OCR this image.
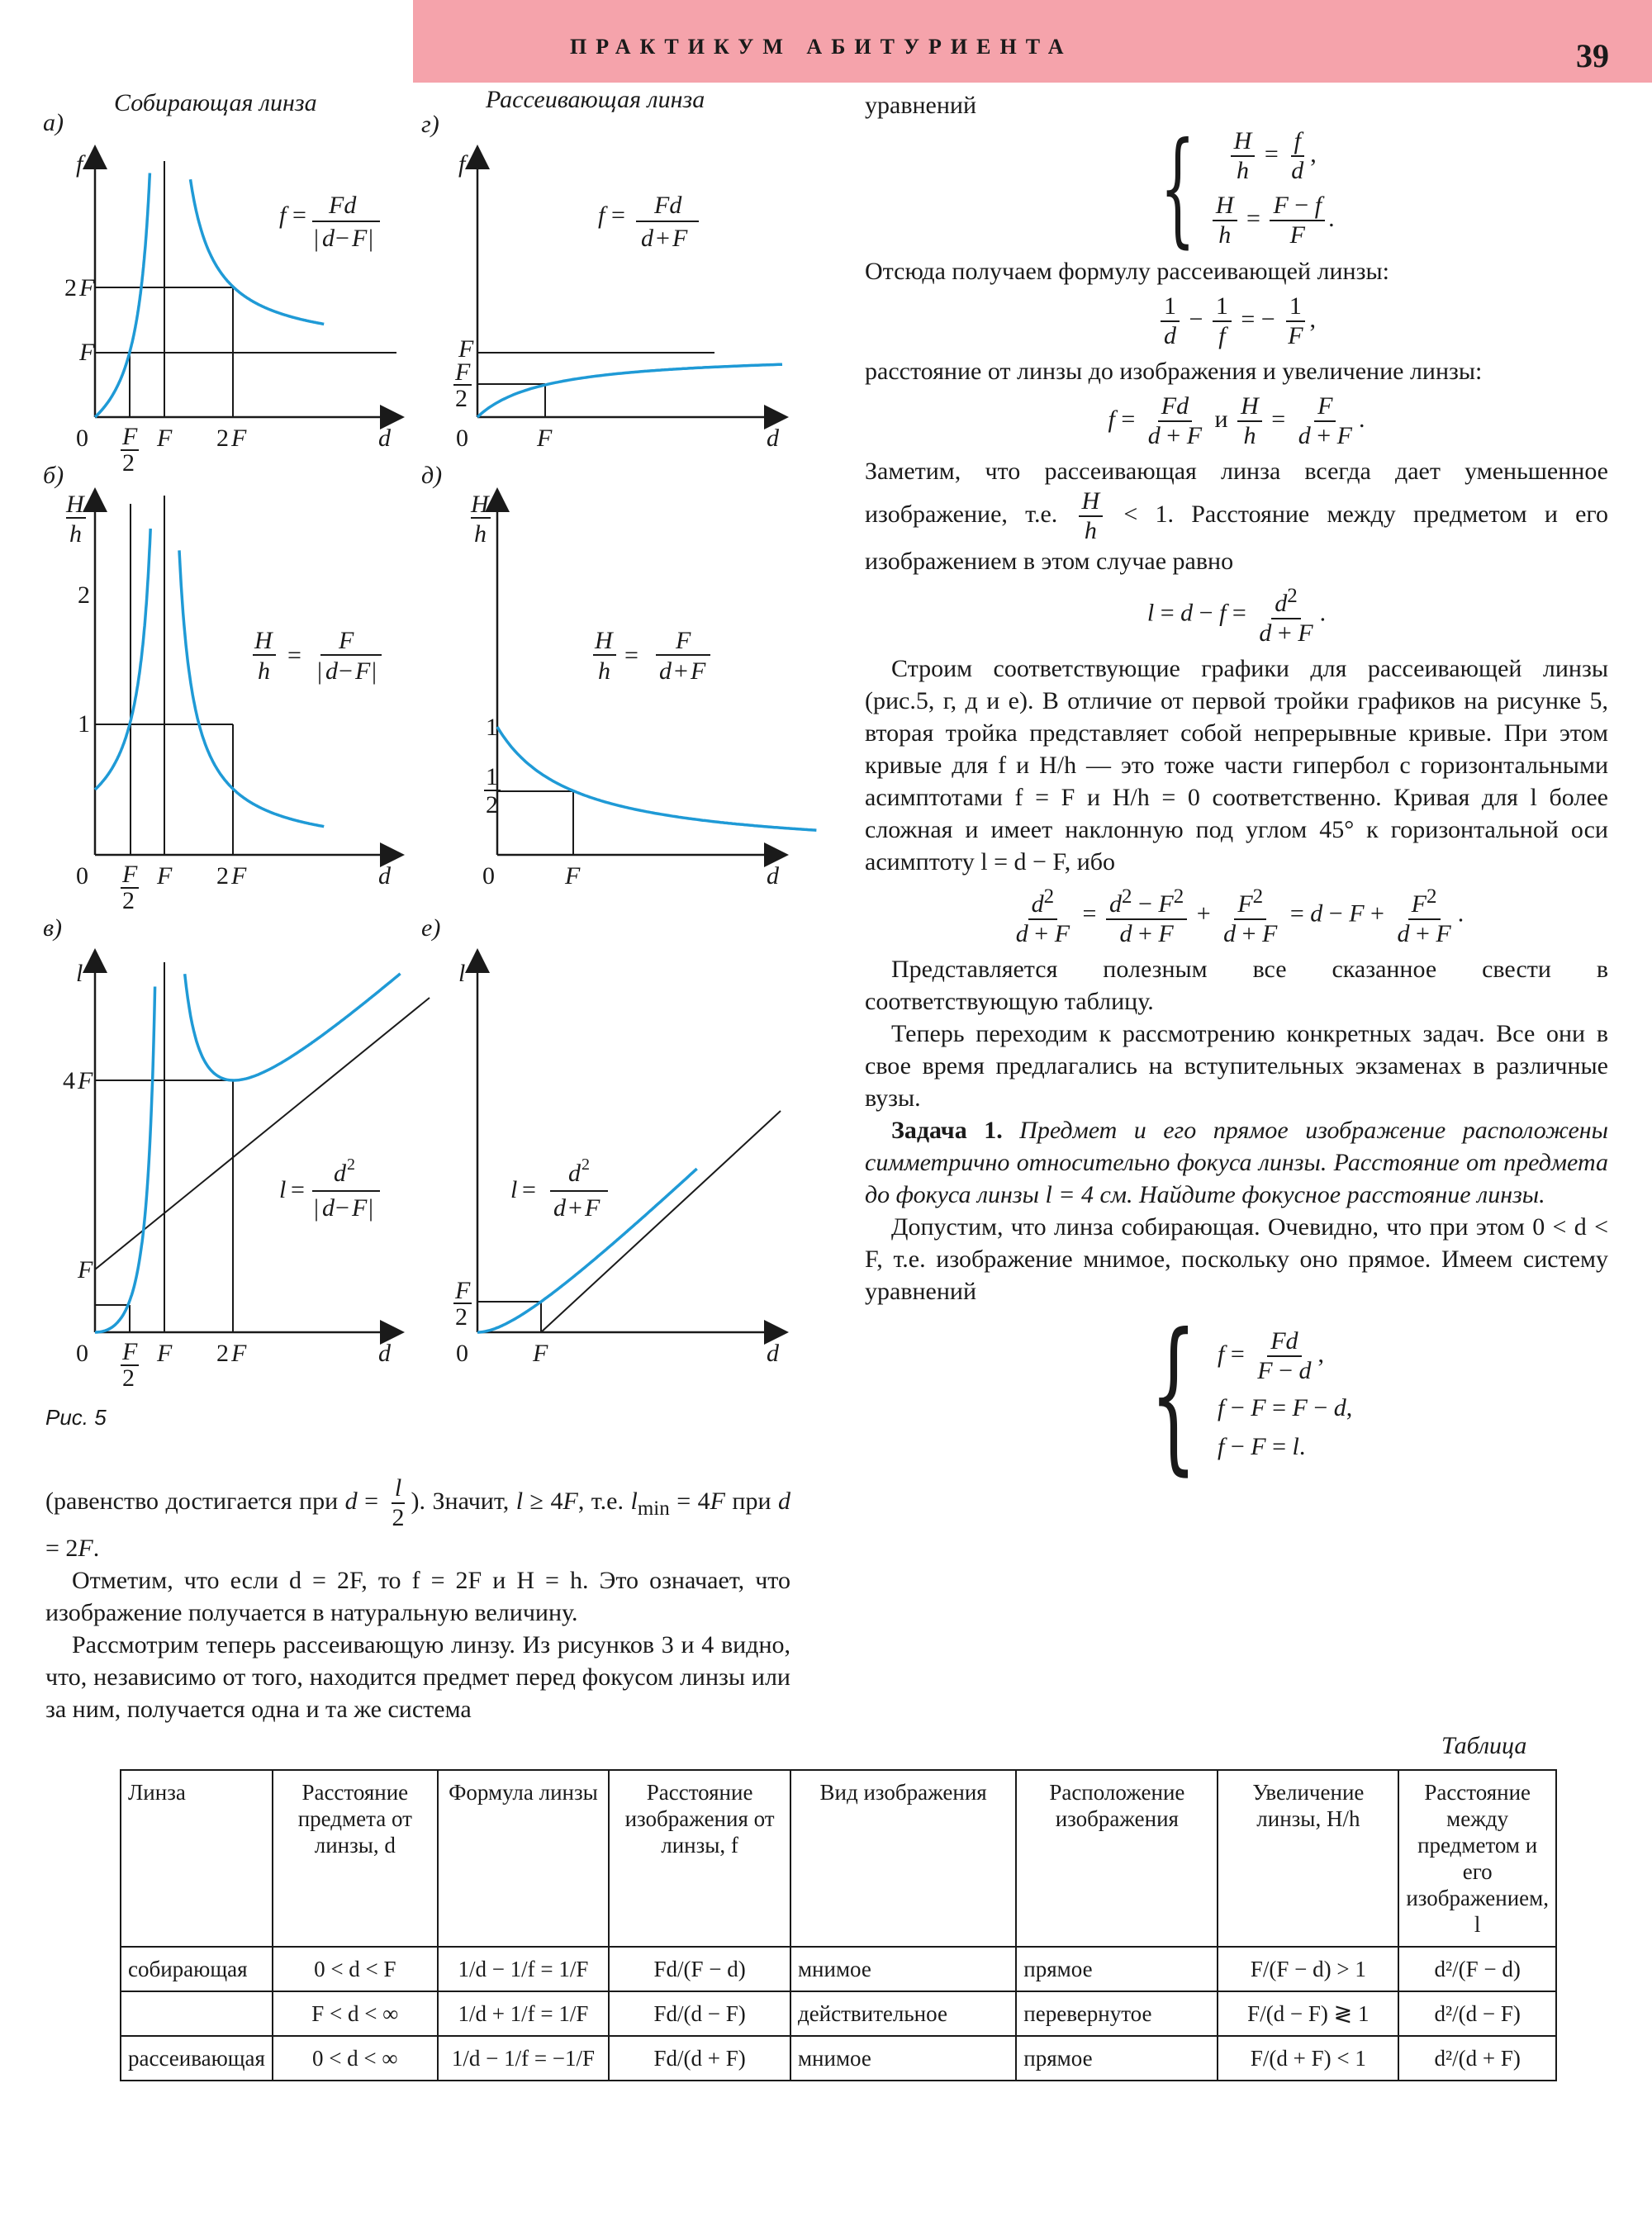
ПРАКТИКУМ АБИТУРИЕНТА	39
Собирающая линза	Рассеивающая линза
а)
f
d
2 F
F
0 F
2
F 2 F
f = Fd
| d − F |
б)
H
h
2
1
0 F
2
F 2 F
H
h
=
F
| d − F |
в)
l
4 F
F
0 F
2
F 2 F
l =
d 2
| d − F |
г)
f
d
F
F
2
0	F
f = Fd
d + F
д)
H
h
1
1
2
0	F
H
h
=
F
d + F
е)
l
F
2
0	F	d
l =
d 2
d + F
d
d
d
Рис. 5

(равенство достигается при $d = \frac{l}{2}$ ). Значит, l ≥ 4F, т.е. $l_{min} = 4F$ при d = 2F.

Отметим, что если d = 2F, то f = 2F и H = h. Это означает, что изображение получается в натуральную величину.

Рассмотрим теперь рассеивающую линзу. Из рисунков 3 и 4 видно, что, независимо от того, находится предмет перед фокусом линзы или за ним, получается одна и та же система

уравнений

{ $\frac{H}{h} = \frac{f}{d}$ ,
$\frac{H}{h} = \frac{F - f}{F}$ .

Отсюда получаем формулу рассеивающей линзы:

$\frac{1}{d} - \frac{1}{f}$ = − $\frac{1}{F}$ ,

расстояние от линзы до изображения и увеличение линзы:

$f = \frac{Fd}{d + F}$ и $\frac{H}{h} = \frac{F}{d + F}$ .

Заметим, что рассеивающая линза всегда дает уменьшенное изображение, т.е. $\frac{H}{h} < 1$. Расстояние между предметом и его изображением в этом случае равно

$l = d - f = \frac{d^2}{d + F}$ .

Строим соответствующие графики для рассеивающей линзы (рис.5, г, д и е). В отличие от первой тройки графиков на рисунке 5, вторая тройка представляет собой непрерывные кривые. При этом кривые для f и H/h — это тоже части гипербол с горизонтальными асимптотами f = F и H/h = 0 соответственно. Кривая для l более сложная и имеет наклонную под углом 45° к горизонтальной оси асимптоту l = d − F, ибо

$\frac{d^2}{d + F} = \frac{d^2 - F^2}{d + F} + \frac{F^2}{d + F} = d - F + \frac{F^2}{d + F}$ .

Представляется полезным все сказанное свести в соответствующую таблицу.

Теперь переходим к рассмотрению конкретных задач. Все они в свое время предлагались на вступительных экзаменах в различные вузы.

Задача 1. Предмет и его прямое изображение расположены симметрично относительно фокуса линзы. Расстояние от предмета до фокуса линзы l = 4 см. Найдите фокусное расстояние линзы.

Допустим, что линза собирающая. Очевидно, что при этом 0 < d < F, т.е. изображение мнимое, поскольку оно прямое. Имеем систему уравнений

{ $f = \frac{Fd}{F - d}$ ,
f − F = F − d,
f − F = l.
Таблица
Линза	Расстояние предмета от линзы, d	Формула линзы	Расстояние изображения от линзы, f	Вид изображения	Расположение изображения	Увеличение линзы, H/h	Расстояние между предметом и его изображением, l
собирающая	0 < d < F	1/d − 1/f = 1/F	Fd/(F − d)	мнимое	прямое	F/(F − d) > 1	d²/(F − d)
	F < d < ∞	1/d + 1/f = 1/F	Fd/(d − F)	действительное	перевернутое	F/(d − F) ≷ 1	d²/(d − F)
рассеивающая	0 < d < ∞	1/d − 1/f = −1/F	Fd/(d + F)	мнимое	прямое	F/(d + F) < 1	d²/(d + F)
